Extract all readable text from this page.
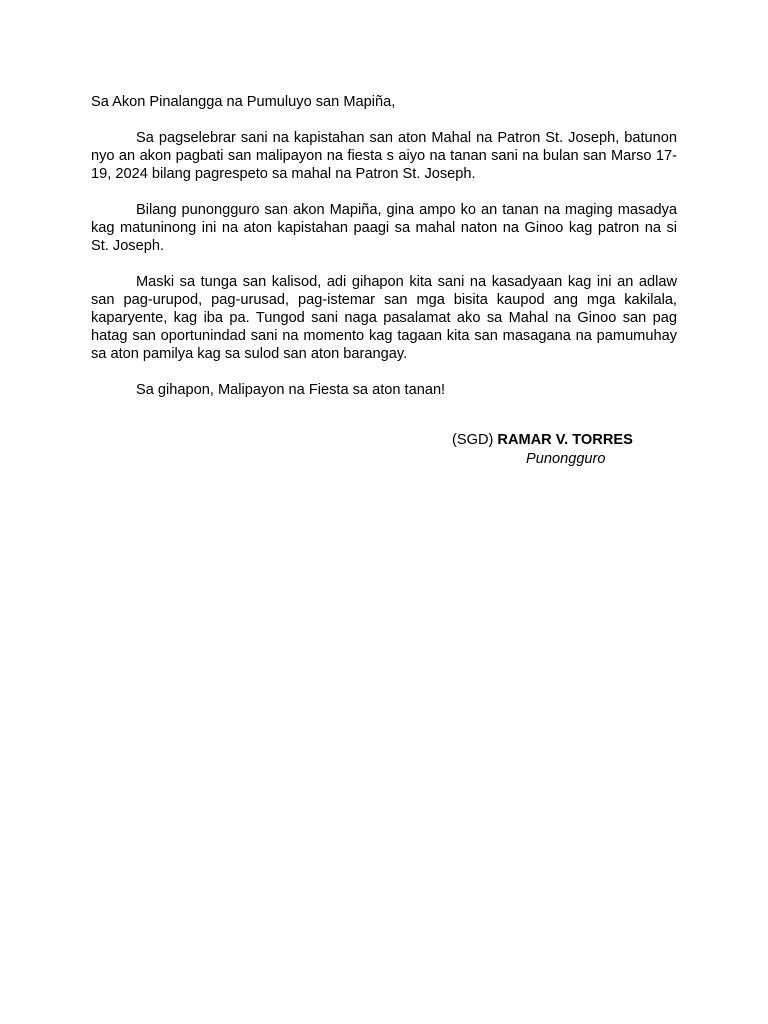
Sa Akon Pinalangga na Pumuluyo san Mapiña,

Sa pagselebrar sani na kapistahan san aton Mahal na Patron St. Joseph, batunon nyo an akon pagbati san malipayon na fiesta s aiyo na tanan sani na bulan san Marso 17-19, 2024 bilang pagrespeto sa mahal na Patron St. Joseph.

Bilang punongguro san akon Mapiña, gina ampo ko an tanan na maging masadya kag matuninong ini na aton kapistahan paagi sa mahal naton na Ginoo kag patron na si St. Joseph.

Maski sa tunga san kalisod, adi gihapon kita sani na kasadyaan kag ini an adlaw san pag-urupod, pag-urusad, pag-istemar san mga bisita kaupod ang mga kakilala, kaparyente, kag iba pa. Tungod sani naga pasalamat ako sa Mahal na Ginoo san pag hatag san oportunindad sani na momento kag tagaan kita san masagana na pamumuhay sa aton pamilya kag sa sulod san aton barangay.

Sa gihapon, Malipayon na Fiesta sa aton tanan!

(SGD) RAMAR V. TORRES
Punongguro
